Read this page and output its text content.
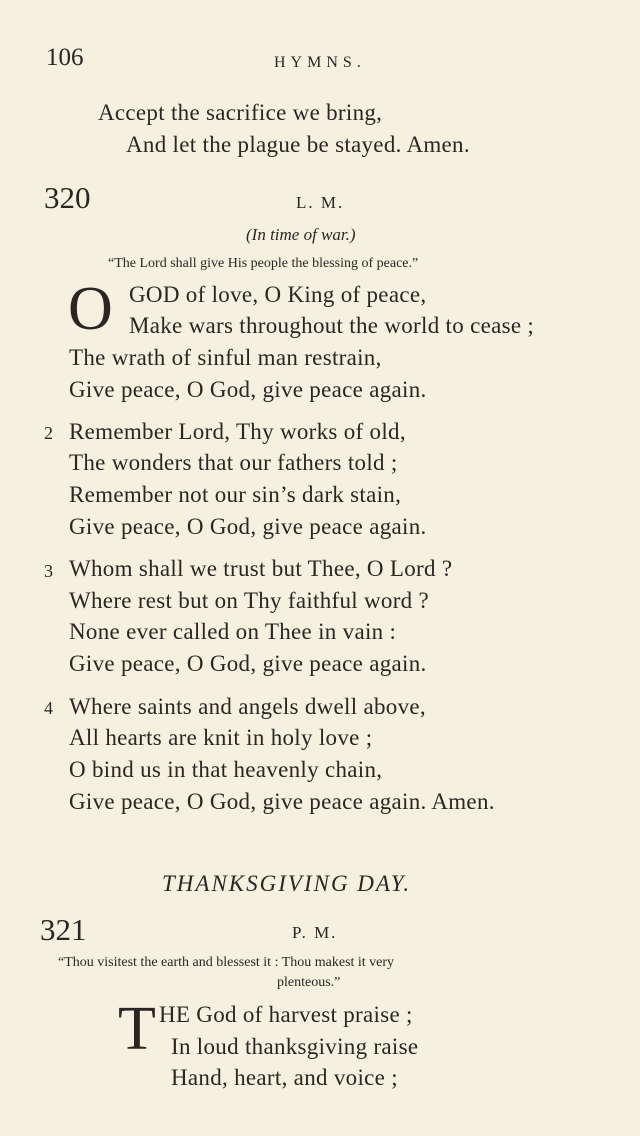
106	HYMNS.
Accept the sacrifice we bring,
And let the plague be stayed. Amen.
320	L. M.
(In time of war.)
“The Lord shall give His people the blessing of peace.”
O GOD of love, O King of peace,
Make wars throughout the world to cease ;
The wrath of sinful man restrain,
Give peace, O God, give peace again.
2 Remember Lord, Thy works of old,
The wonders that our fathers told ;
Remember not our sin’s dark stain,
Give peace, O God, give peace again.
3 Whom shall we trust but Thee, O Lord ?
Where rest but on Thy faithful word ?
None ever called on Thee in vain :
Give peace, O God, give peace again.
4 Where saints and angels dwell above,
All hearts are knit in holy love ;
O bind us in that heavenly chain,
Give peace, O God, give peace again. Amen.
THANKSGIVING DAY.
321	P. M.
“Thou visitest the earth and blessest it : Thou makest it very
plenteous.”
T HE God of harvest praise ;
In loud thanksgiving raise
Hand, heart, and voice ;
